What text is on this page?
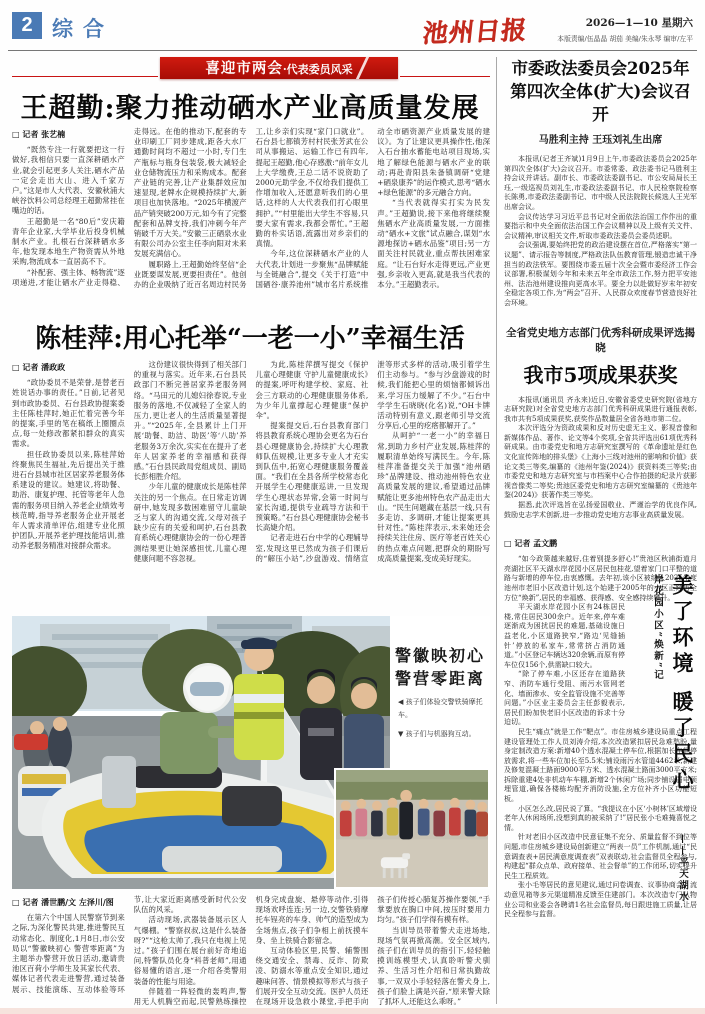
2 综合	池州日报	2026—1—10 星期六
本版责编/伍晶晶 胡茄 美编/朱永琴 编审/左平
喜迎市两会·代表委员风采
王超勤:聚力推动硒水产业高质量发展

□ 记者 张艺楠

“既然专注一行就要把这一行做好,我相信只要一直深耕硒水产业,就会引起更多人关注,硒水产品一定会走出大山、进入千家万户。”这是市人大代表、安徽秋浦大峡谷饮料公司总经理王超勤常挂在嘴边的话。

王超勤是一名“80后”安庆籍青年企业家,大学毕业后投身机械制水产业。扎根石台深耕硒水多年,他发现本地生产物资需从外地采购,物流成本一直居高不下。

“补配套、强主体、畅物流”逐项递进,才能让硒水产业走得稳、走得远。在他的推动下,配套的专业印刷工厂同步建成,距各大水厂通勤时间均不超过一小时,专门生产瓶标与瓶身包装袋,极大减轻企业仓储物流压力和采购成本。配套产业链的完善,让产业集群效应加速显现,老牌水企规模持续扩大,新项目也加快落地。“2025年横渡产品产销突破200万元,如今有了完整配套和品牌支持,我们冲刺今年产销破千万大关。”安徽三正硒泉水业有限公司办公室主任李向阳对未来发展充满信心。

履职路上,王超勤始终坚信“企业既要谋发展,更要担责任”。他创办的企业吸纳了近百名周边村民务工,让乡亲们实现“家门口就业”。石台县七都镇芳村村民张芳武在公司从事搬运、运输工作已有四年,提起王超勤,他心存感激:“前年女儿上大学缴费,王总二话不说资助了2000元助学金,不仅给我们提供工作增加收入,还愿意听我们的心里话,这样的人大代表我们打心眼里拥护。”“村里能出大学生不容易,只要大家有需求,我都会帮忙。”王超勤的朴实话语,流露出对乡亲们的真情。

今年,这位深耕硒水产业的人大代表,计划进一步聚焦“品牌赋能与全链融合”,提交《关于打造“中国硒谷·康养池州”城市名片系统推动全市硒资源产业质量发展的建议》。为了让建议更具操作性,他深入石台抽水蓄能电站项目现场,实地了解绿色能源与硒水产业的联动;再赴青阳县朱备镇调研“党建+硒泉康养”的运作模式,思考“硒水+绿色能源”的多元融合方向。

“当代表就得实打实为民发声。”王超勤说,接下来他将继续聚焦硒水产业高质量发展,一方面推动“硒水+文旅”试点融合,谋划“水源地探访+硒水品鉴”项目;另一方面关注村民就业,重点帮扶困难家庭。“让石台好水走得更远,产业更强,乡亲收入更高,就是我当代表的本分。”王超勤表示。

陈桂萍:用心托举“一老一小”幸福生活

□ 记者 潘政政

“政协委员不是荣誉,是替老百姓说话办事的责任。”日前,记者见到市政协委员、石台县政协提案委主任陈桂萍时,她正忙着完善今年的提案,手里的笔在稿纸上圈圈点点,每一处修改都紧扣群众的真实需求。

担任政协委员以来,陈桂萍始终聚焦民生福祉,先后提出关于推进石台县城市社区居家养老服务体系建设的建议。她建议,将助餐、助浴、康复护理、托管等老年人急需的服务项目纳入养老企业绩效考核范畴,指导养老服务企业开展老年人需求清单评估,组建专业化照护团队,开展养老护理技能培训,推动养老服务精准对接群众需求。

这份建议很快得到了相关部门的重视与落实。近年来,石台县民政部门不断完善居家养老服务网络。“马田元的儿媳妇徐春说,专业服务的落地,不仅减轻了全家人的压力,更让老人的生活质量显著提升。”“2025年,全县累计上门开展‘助餐、助洁、助医’等‘八助’养老服务3万余次,实实在在提升了老年人居家养老的幸福感和获得感。”石台县民政局党组成员、副局长彭相胜介绍。

少年儿童的健康成长是陈桂萍关注的另一个焦点。在日常走访调研中,她发现多数困难留守儿童缺乏与家人的沟通交流,父母对孩子缺少应有的关爱和呵护,石台县教育系统心理健康协会的一份心理普测结果更让她深感担忧,儿童心理健康问题不容忽视。

为此,陈桂萍撰写提交《保护儿童心理健康 守护儿童健康成长》的提案,呼吁构建学校、家庭、社会三方联动的心理健康服务体系,为少年儿童撑起心理健康“保护伞”。

提案提交后,石台县教育部门将县教育系统心理协会更名为石台县心理健康协会,持续扩大心理教师队伍规模,让更多专业人才充实到队伍中,拓宽心理健康服务覆盖面。“我们在全县各所学校常态化开展学生心理健康巡讲,一旦发现学生心理状态异常,会第一时间与家长沟通,提供专业疏导方法和干预策略。”石台县心理健康协会秘书长高婕介绍。

记者走进石台中学的心理辅导室,发现这里已然成为孩子们课后的“解压小站”,沙盘游戏、情绪宣泄等形式多样的活动,吸引着学生们主动参与。“参与沙盘游戏的时候,我们能把心里的烦恼都倾诉出来,学习压力缓解了不少。”石台中学学生石晓晓(化名)说,“OH卡牌活动特别有意义,跟老师引导交流分享后,心里的疙瘩都解开了。”

从呵护“一老一小”的幸福日常,到助力乡村产业发展,陈桂萍的履职清单始终写满民生。今年,陈桂萍准备提交关于加强“池州硒珍”品牌建设、推动池州特色农业高质量发展的建议,希望通过品牌赋能让更多池州特色农产品走出大山。“民生问题藏在基层一线,只有多走访、多调研,才能让提案更具针对性。”陈桂萍表示,未来她还会持续关注住房、医疗等老百姓关心的热点难点问题,把群众的期盼写成高质量提案,变成美好现实。

警徽映初心
警营零距离
◀ 孩子们体验交警铁骑摩托车。
▼ 孩子们与机器狗互动。

□ 记者 潘世鹏/文 左泽川/图

在第六个中国人民警察节到来之际,为深化警民共建,推进警民互动常态化、制度化,1月8日,市公安局以“警徽映初心 警营零距离”为主题举办警营开放日活动,邀请贵池区百荷小学师生及其家长代表、媒体记者代表走进警营,通过装备展示、技能演练、互动体验等环节,让大家近距离感受新时代公安队伍的风采。

活动现场,武器装备展示区人气爆棚。“警察叔叔,这是什么装备呀?”“这枪太帅了,我只在电视上见过。”孩子们围在展台前好奇地追问,特警队员化身“科普老师”,用通俗易懂的语言,逐一介绍各类警用装备的性能与用途。

伴随着一阵轻微的轰鸣声,警用无人机腾空而起,民警熟练操控机身完成盘旋、悬停等动作,引得现场欢呼连连;另一边,交警铁骑摩托车锃亮的车身、帅气的造型成为全场焦点,孩子们争相上前抚摸车身、坐上铁骑合影留念。

互动体验区里,民警、辅警围绕交通安全、禁毒、反诈、防欺凌、防溺水等重点安全知识,通过趣味问答、情景模拟等形式与孩子们展开安全互动交流。医护人员还在现场开设急救小课堂,手把手向孩子们传授心肺复苏操作要领,“手掌要放在胸口中间,按压时要用力均匀。”孩子们学得有模有样。

当训导员带着警犬走进场地,现场气氛再掀高潮。安全区域内,孩子们在训导员的指引下,轻轻触摸训练模型犬,认真聆听警犬驯养、生活习性介绍和日常执勤故事,一双双小手轻轻落在警犬身上,孩子们脸上满是兴奋,“原来警犬除了抓坏人,还能这么乖呀。”

市委政法委员会2025年
第四次全体(扩大)会议召开
马胜利主持 王珏刘礼生出席

本报讯(记者王齐斌)1月9日上午,市委政法委员会2025年第四次全体(扩大)会议召开。市委常委、政法委书记马胜利主持会议并讲话。副市长、市委政法委副书记、市公安局局长王珏,一级巡视员刘礼生,市委政法委副书记、市人民检察院检察长陈勇,市委政法委副书记、市中级人民法院院长候选人王光军出席会议。

会议传达学习习近平总书记对全面依法治国工作作出的重要指示和中央全面依法治国工作会议精神以及上级有关文件、会议精神,审议相关文件,听取市委政法委员会委员述职。

会议强调,要始终把党的政治建设摆在首位,严格落实“第一议题”、请示报告等制度,严格政法队伍教育管理,锻造忠诚干净担当的政法铁军。要围绕市委五届十次全会暨市委经济工作会议部署,积极谋划今年和未来五年全市政法工作,努力把平安池州、法治池州建设推向更高水平。要全力以赴做好岁末年初安全稳定各项工作,为“两会”召开、人民群众欢度春节营造良好社会环境。

全省党史地方志部门优秀科研成果评选揭晓
我市5项成果获奖

本报讯(通讯员 齐永来)近日,安徽省委党史研究院(省地方志研究院)对全省党史地方志部门优秀科研成果进行通报表彰,我市共有5项成果获奖,获奖作品数量居全省各地市第二位。

本次评选分为资政成果和反对历史虚无主义、影视音像和新媒体作品、著作、论文等4个奖项,全省共评选出61项优秀科研成果。由市委党史和地方志研究室撰写的《革命遗址是红色文化宣传阵地的排头堡》《上海小三线对池州的影响和价值》获论文类三等奖,编纂的《池州年鉴(2024)》获资料类三等奖;由市委党史和地方志研究室与市档案中心合作拍摄的纪录片获影视音像类二等奖;贵池区委党史和地方志研究室编纂的《贵池年鉴(2024)》获著作类三等奖。

据悉,此次评选旨在弘扬爱国敬业、严谨治学的优良作风,鼓励史志学术创新,进一步推动党史地方志事业高质量发展。

□ 记者 孟文鹏

美了环境 暖了民心 ——平天湖水岸花园小区“焕新”记

“如今政策越来越好,住着别提多舒心!”贵池区秋浦街道月亮湖社区平天湖水岸花园小区居民包桂花,望着家门口平整的道路与新增的停车位,由衷感慨。去年初,该小区被纳入2025年度池州市老旧小区改造计划,这个始建于2005年的小区正经历全方位“焕新”,居民的幸福感、获得感、安全感持续攀升。

平天湖水岸花园小区有24栋居民楼,常住居民300余户。近年来,停车难逐渐成为困扰居民的难题,基础设施日益老化,小区道路狭窄,“路边‘见缝插针’停放的私家车,常常挤占消防通道。”小区登记车辆达320余辆,而原有停车位仅156个,供需缺口较大。

“除了停车难,小区还存在道路狭窄、消防车通行受阻、雨污水管网老化、墙面渗水、安全监管设施不完善等问题。”小区业主委员会主任彭毅表示,居民们盼加快老旧小区改造的诉求十分迫切。

民生“痛点”就是工作“靶点”。市住房城乡建设局重点工程建设管理处工作人员刘涛介绍,本次改造紧扣居民急难愁盼,量身定制改造方案:新增40个透水混凝土停车位,根据加长车辆停放需求,将一些车位加长至5.5米;铺设雨污水管道4462米,新建及修复混凝土路面9000平方米、透水混凝土路面3000平方米;拆除重建4处非机动车车棚,新增2个休闲广场;同步铺设弱电预埋管道,确保各楼栋均配齐消防设施,全方位补齐小区功能短板。

小区怎么改,居民说了算。“我提议在小区‘小树林’区域增设老年人休闲场所,没想到真的被采纳了!”居民张小毛难掩喜悦之情。

针对老旧小区改造中民意征集不充分、质量监督不到位等问题,市住房城乡建设局创新建立“两表一员”工作机制,通过“民意调查表+居民满意度调查表”双表联动,社会监督员全程参与,构建起“群众点单、政府接单、社会督单”的工作闭环,切实提升民生工程质效。

张小毛等居民的意见建议,通过问卷调查、议事协商会、流动意见箱等多元渠道精准反馈至住建部门。本次改造专门从物业公司和业委会各聘请1名社会监督员,每日跟进施工质量,让居民全程参与监督。
